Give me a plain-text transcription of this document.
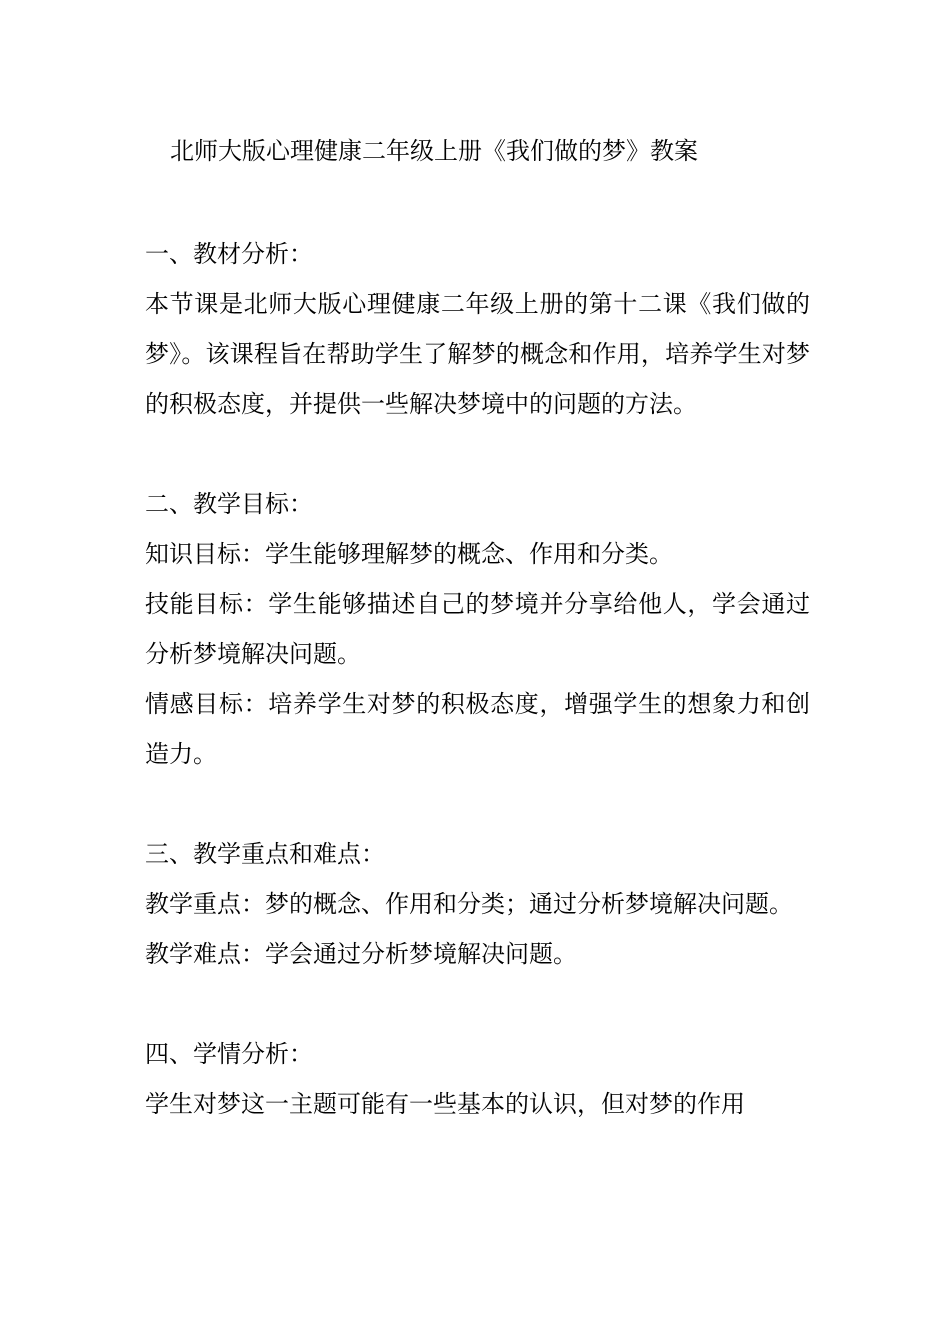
北师大版心理健康二年级上册《我们做的梦》教案

一、教材分析：

本节课是北师大版心理健康二年级上册的第十二课《我们做的梦》。该课程旨在帮助学生了解梦的概念和作用，培养学生对梦的积极态度，并提供一些解决梦境中的问题的方法。

二、教学目标：

知识目标：学生能够理解梦的概念、作用和分类。

技能目标：学生能够描述自己的梦境并分享给他人，学会通过分析梦境解决问题。

情感目标：培养学生对梦的积极态度，增强学生的想象力和创造力。

三、教学重点和难点：

教学重点：梦的概念、作用和分类；通过分析梦境解决问题。

教学难点：学会通过分析梦境解决问题。

四、学情分析：

学生对梦这一主题可能有一些基本的认识，但对梦的作用
